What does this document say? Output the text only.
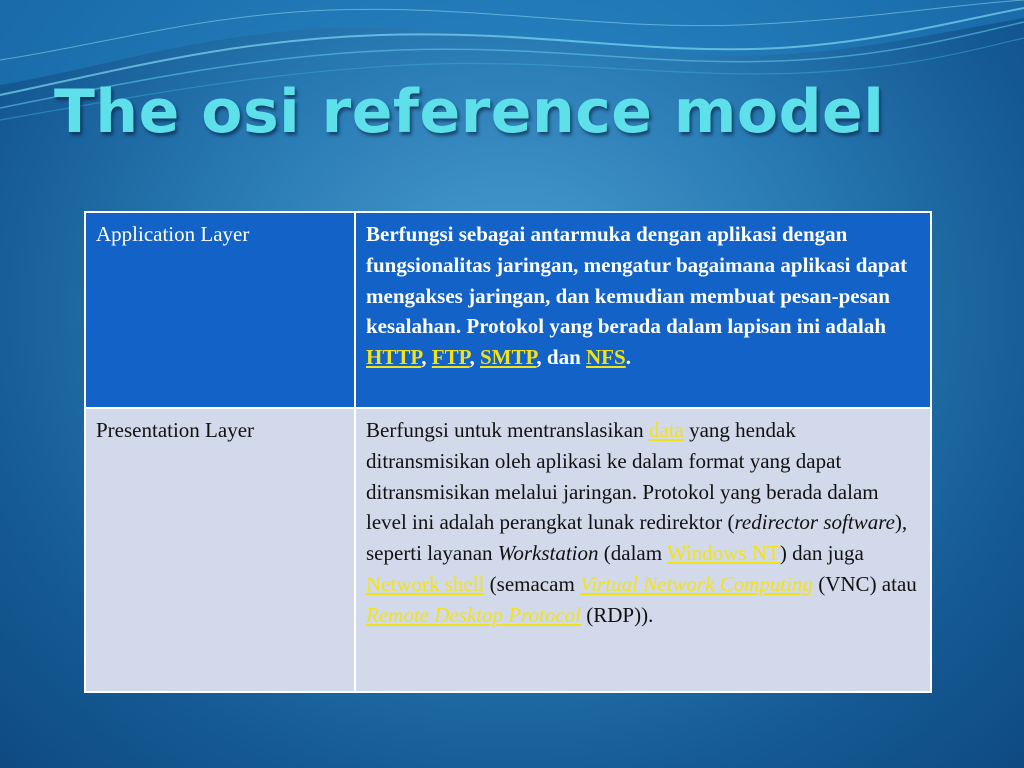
The osi reference model
Application Layer	Berfungsi sebagai antarmuka dengan aplikasi dengan fungsionalitas jaringan, mengatur bagaimana aplikasi dapat mengakses jaringan, dan kemudian membuat pesan-pesan kesalahan. Protokol yang berada dalam lapisan ini adalah HTTP, FTP, SMTP, dan NFS.
Presentation Layer	Berfungsi untuk mentranslasikan data yang hendak ditransmisikan oleh aplikasi ke dalam format yang dapat ditransmisikan melalui jaringan. Protokol yang berada dalam level ini adalah perangkat lunak redirektor (redirector software), seperti layanan Workstation (dalam Windows NT) dan juga Network shell (semacam Virtual Network Computing (VNC) atau Remote Desktop Protocol (RDP)).
